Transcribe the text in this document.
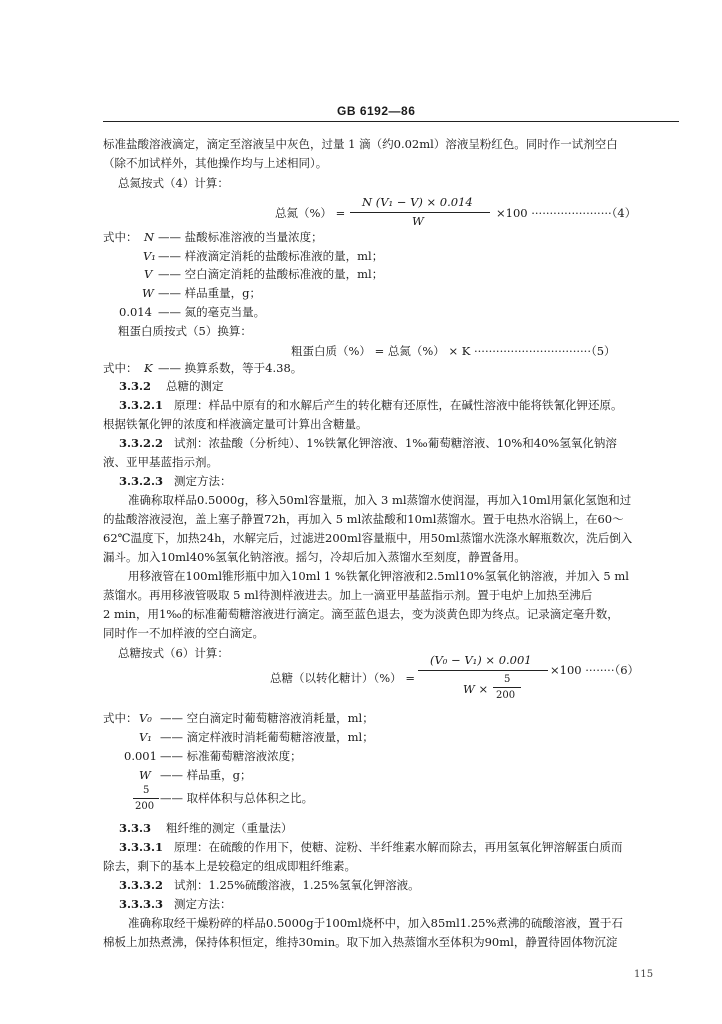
GB 6192—86
标准盐酸溶液滴定，滴定至溶液呈中灰色，过量 1 滴（约0.02ml）溶液呈粉红色。同时作一试剂空白
（除不加试样外，其他操作均与上述相同）。
总氮按式（4）计算：
总氮（%） =
N (V₁ − V) × 0.014
W
×100 ······················（4）
式中： N —— 盐酸标准溶液的当量浓度；
V₁ —— 样液滴定消耗的盐酸标准液的量，ml；
V —— 空白滴定消耗的盐酸标准液的量，ml；
W —— 样品重量，g；
0.014 —— 氮的毫克当量。
粗蛋白质按式（5）换算：
粗蛋白质（%） = 总氮（%） × K ································（5）
式中： K —— 换算系数，等于4.38。
3.3.2 总糖的测定
3.3.2.1 原理：样品中原有的和水解后产生的转化糖有还原性，在碱性溶液中能将铁氰化钾还原。
根据铁氰化钾的浓度和样液滴定量可计算出含糖量。
3.3.2.2 试剂：浓盐酸（分析纯）、1%铁氰化钾溶液、1‰葡萄糖溶液、10%和40%氢氧化钠溶
液、亚甲基蓝指示剂。
3.3.2.3 测定方法：
准确称取样品0.5000g，移入50ml容量瓶，加入 3 ml蒸馏水使润湿，再加入10ml用氯化氢饱和过
的盐酸溶液浸泡，盖上塞子静置72h，再加入 5 ml浓盐酸和10ml蒸馏水。置于电热水浴锅上，在60～
62℃温度下，加热24h，水解完后，过滤进200ml容量瓶中，用50ml蒸馏水洗涤水解瓶数次，洗后倒入
漏斗。加入10ml40%氢氧化钠溶液。摇匀，冷却后加入蒸馏水至刻度，静置备用。
用移液管在100ml锥形瓶中加入10ml 1 %铁氰化钾溶液和2.5ml10%氢氧化钠溶液，并加入 5 ml
蒸馏水。再用移液管吸取 5 ml待测样液进去。加上一滴亚甲基蓝指示剂。置于电炉上加热至沸后
2 min，用1‰的标准葡萄糖溶液进行滴定。滴至蓝色退去，变为淡黄色即为终点。记录滴定毫升数，
同时作一不加样液的空白滴定。
总糖按式（6）计算：
总糖（以转化糖计）（%） =
(V₀ − V₁) × 0.001
W ×
5
200
×100 ········（6）
式中： V₀ —— 空白滴定时葡萄糖溶液消耗量，ml；
V₁ —— 滴定样液时消耗葡萄糖溶液量，ml；
0.001 —— 标准葡萄糖溶液浓度；
W —— 样品重，g；
5
200
—— 取样体积与总体积之比。
3.3.3 粗纤维的测定（重量法）
3.3.3.1 原理：在硫酸的作用下，使糖、淀粉、半纤维素水解而除去，再用氢氧化钾溶解蛋白质而
除去，剩下的基本上是较稳定的组成即粗纤维素。
3.3.3.2 试剂：1.25%硫酸溶液，1.25%氢氧化钾溶液。
3.3.3.3 测定方法：
准确称取经干燥粉碎的样品0.5000g于100ml烧杯中，加入85ml1.25%煮沸的硫酸溶液，置于石
棉板上加热煮沸，保持体积恒定，维持30min。取下加入热蒸馏水至体积为90ml，静置待固体物沉淀
115
